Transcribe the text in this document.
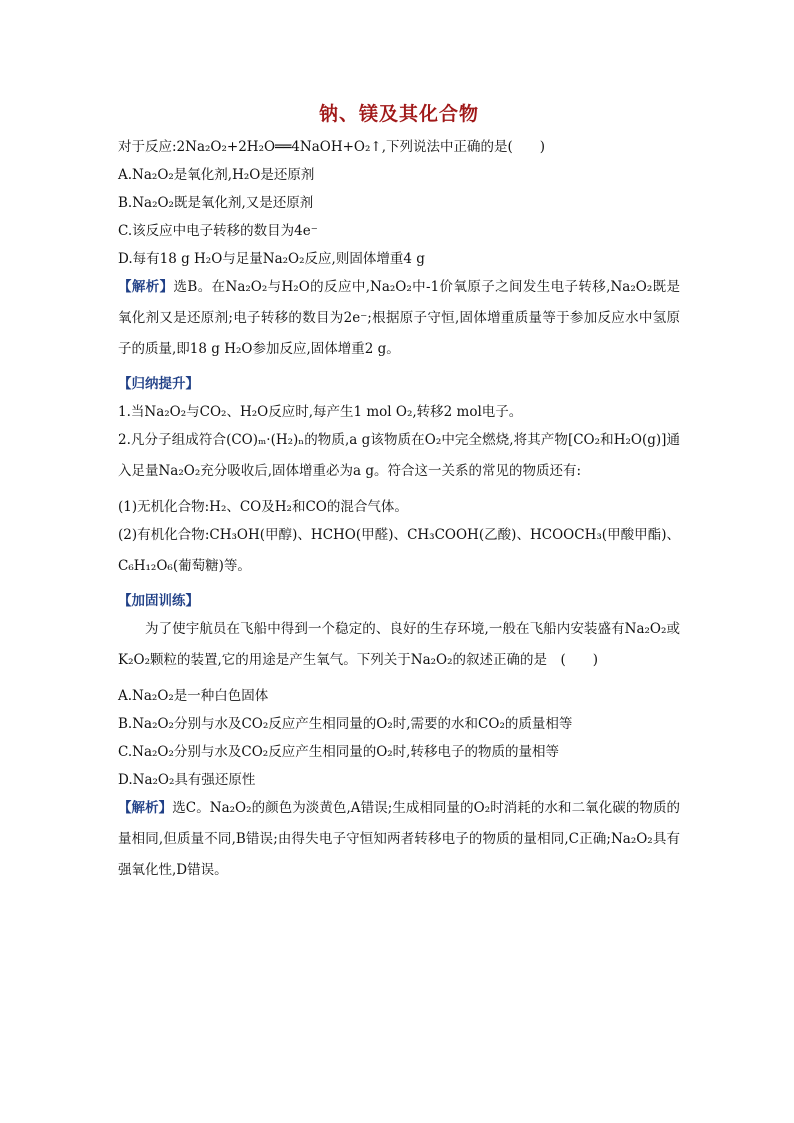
钠、镁及其化合物
对于反应:2Na₂O₂+2H₂O══4NaOH+O₂↑,下列说法中正确的是(　　)
A.Na₂O₂是氧化剂,H₂O是还原剂
B.Na₂O₂既是氧化剂,又是还原剂
C.该反应中电子转移的数目为4e⁻
D.每有18 g H₂O与足量Na₂O₂反应,则固体增重4 g
【解析】选B。在Na₂O₂与H₂O的反应中,Na₂O₂中-1价氧原子之间发生电子转移,Na₂O₂既是氧化剂又是还原剂;电子转移的数目为2e⁻;根据原子守恒,固体增重质量等于参加反应水中氢原子的质量,即18 g H₂O参加反应,固体增重2 g。
【归纳提升】
1.当Na₂O₂与CO₂、H₂O反应时,每产生1 mol O₂,转移2 mol电子。
2.凡分子组成符合(CO)ₘ·(H₂)ₙ的物质,a g该物质在O₂中完全燃烧,将其产物[CO₂和H₂O(g)]通入足量Na₂O₂充分吸收后,固体增重必为a g。符合这一关系的常见的物质还有:
(1)无机化合物:H₂、CO及H₂和CO的混合气体。
(2)有机化合物:CH₃OH(甲醇)、HCHO(甲醛)、CH₃COOH(乙酸)、HCOOCH₃(甲酸甲酯)、C₆H₁₂O₆(葡萄糖)等。
【加固训练】
为了使宇航员在飞船中得到一个稳定的、良好的生存环境,一般在飞船内安装盛有Na₂O₂或K₂O₂颗粒的装置,它的用途是产生氧气。下列关于Na₂O₂的叙述正确的是　(　　)
A.Na₂O₂是一种白色固体
B.Na₂O₂分别与水及CO₂反应产生相同量的O₂时,需要的水和CO₂的质量相等
C.Na₂O₂分别与水及CO₂反应产生相同量的O₂时,转移电子的物质的量相等
D.Na₂O₂具有强还原性
【解析】选C。Na₂O₂的颜色为淡黄色,A错误;生成相同量的O₂时消耗的水和二氧化碳的物质的量相同,但质量不同,B错误;由得失电子守恒知两者转移电子的物质的量相同,C正确;Na₂O₂具有强氧化性,D错误。
